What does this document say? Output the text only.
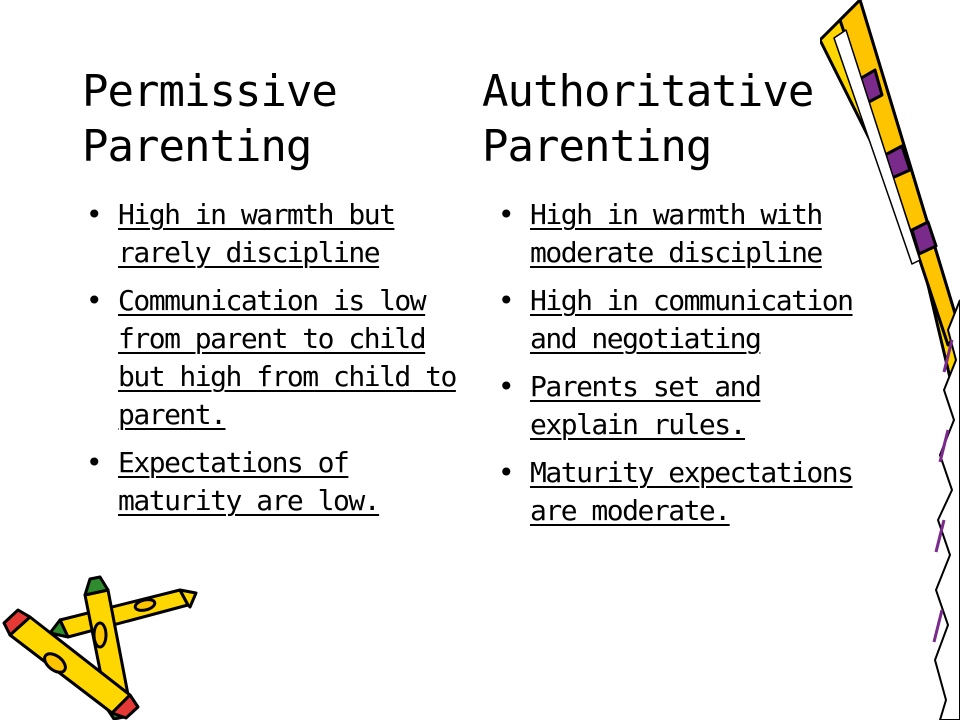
Permissive
Parenting
Authoritative
Parenting
• High in warmth but rarely discipline
• Communication is low from parent to child but high from child to parent.
• Expectations of maturity are low.
• High in warmth with moderate discipline
• High in communication and negotiating
• Parents set and explain rules.
• Maturity expectations are moderate.
